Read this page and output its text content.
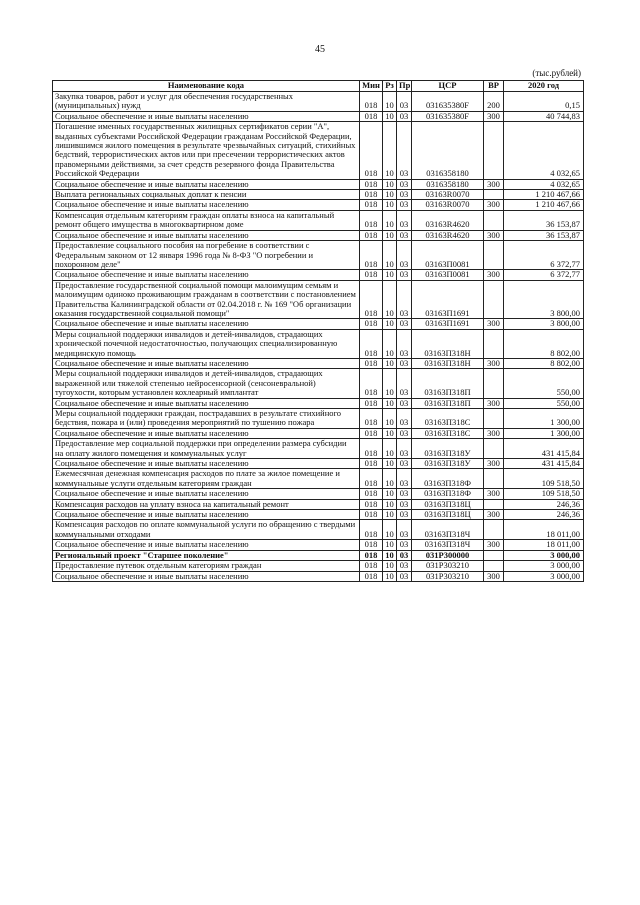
45
(тыс.рублей)
Наименование кода	Мин	Рз	Пр	ЦСР	ВР	2020 год
Закупка товаров, работ и услуг для обеспечения государственных (муниципальных) нужд	018	10	03	031635380F	200	0,15
Социальное обеспечение и иные выплаты населению	018	10	03	031635380F	300	40 744,83
Погашение именных государственных жилищных сертификатов серии "А", выданных субъектами Российской Федерации гражданам Российской Федерации, лишившимся жилого помещения в результате чрезвычайных ситуаций, стихийных бедствий, террористических актов или при пресечении террористических актов правомерными действиями, за счет средств резервного фонда Правительства Российской Федерации	018	10	03	0316358180		4 032,65
Социальное обеспечение и иные выплаты населению	018	10	03	0316358180	300	4 032,65
Выплата региональных социальных доплат к пенсии	018	10	03	03163R0070		1 210 467,66
Социальное обеспечение и иные выплаты населению	018	10	03	03163R0070	300	1 210 467,66
Компенсация отдельным категориям граждан оплаты взноса на капитальный ремонт общего имущества в многоквартирном доме	018	10	03	03163R4620		36 153,87
Социальное обеспечение и иные выплаты населению	018	10	03	03163R4620	300	36 153,87
Предоставление социального пособия на погребение в соответствии с Федеральным законом от 12 января 1996 года № 8-ФЗ "О погребении и похоронном деле"	018	10	03	03163П0081		6 372,77
Социальное обеспечение и иные выплаты населению	018	10	03	03163П0081	300	6 372,77
Предоставление государственной социальной помощи малоимущим семьям и малоимущим одиноко проживающим гражданам в соответствии с постановлением Правительства Калининградской области от 02.04.2018 г. № 169 "Об организации оказания государственной социальной помощи"	018	10	03	03163П1691		3 800,00
Социальное обеспечение и иные выплаты населению	018	10	03	03163П1691	300	3 800,00
Меры социальной поддержки инвалидов и детей-инвалидов, страдающих хронической почечной недостаточностью, получающих специализированную медицинскую помощь	018	10	03	03163П318Н		8 802,00
Социальное обеспечение и иные выплаты населению	018	10	03	03163П318Н	300	8 802,00
Меры социальной поддержки инвалидов и детей-инвалидов, страдающих выраженной или тяжелой степенью нейросенсорной (сенсоневральной) тугоухости, которым установлен кохлеарный имплантат	018	10	03	03163П318П		550,00
Социальное обеспечение и иные выплаты населению	018	10	03	03163П318П	300	550,00
Меры социальной поддержки граждан, пострадавших в результате стихийного бедствия, пожара и (или) проведения мероприятий по тушению пожара	018	10	03	03163П318С		1 300,00
Социальное обеспечение и иные выплаты населению	018	10	03	03163П318С	300	1 300,00
Предоставление мер социальной поддержки при определении размера субсидии на оплату жилого помещения и коммунальных услуг	018	10	03	03163П318У		431 415,84
Социальное обеспечение и иные выплаты населению	018	10	03	03163П318У	300	431 415,84
Ежемесячная денежная компенсация расходов по плате за жилое помещение и коммунальные услуги отдельным категориям граждан	018	10	03	03163П318Ф		109 518,50
Социальное обеспечение и иные выплаты населению	018	10	03	03163П318Ф	300	109 518,50
Компенсация расходов на уплату взноса на капитальный ремонт	018	10	03	03163П318Ц		246,36
Социальное обеспечение и иные выплаты населению	018	10	03	03163П318Ц	300	246,36
Компенсация расходов по оплате коммунальной услуги по обращению с твердыми коммунальными отходами	018	10	03	03163П318Ч		18 011,00
Социальное обеспечение и иные выплаты населению	018	10	03	03163П318Ч	300	18 011,00
Региональный проект "Старшее поколение"	018	10	03	031P300000		3 000,00
Предоставление путевок отдельным категориям граждан	018	10	03	031P303210		3 000,00
Социальное обеспечение и иные выплаты населению	018	10	03	031P303210	300	3 000,00
